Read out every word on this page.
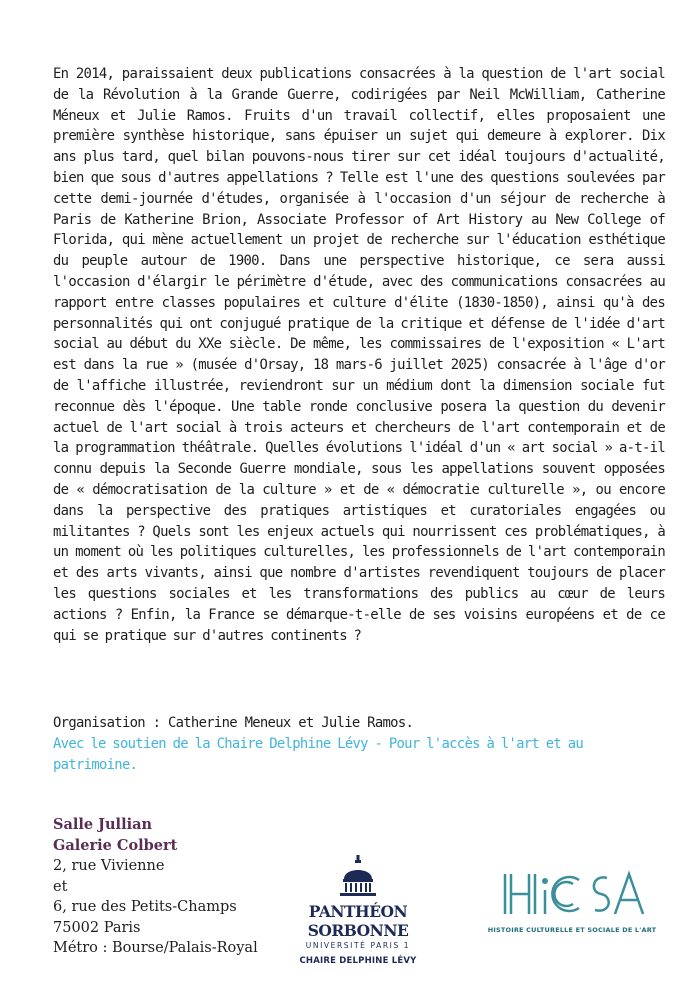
En 2014, paraissaient deux publications consacrées à la question de l'art social de la Révolution à la Grande Guerre, codirigées par Neil McWilliam, Catherine Méneux et Julie Ramos. Fruits d'un travail collectif, elles proposaient une première synthèse historique, sans épuiser un sujet qui demeure à explorer. Dix ans plus tard, quel bilan pouvons-nous tirer sur cet idéal toujours d'actualité, bien que sous d'autres appellations ? Telle est l'une des questions soulevées par cette demi-journée d'études, organisée à l'occasion d'un séjour de recherche à Paris de Katherine Brion, Associate Professor of Art History au New College of Florida, qui mène actuellement un projet de recherche sur l'éducation esthétique du peuple autour de 1900. Dans une perspective historique, ce sera aussi l'occasion d'élargir le périmètre d'étude, avec des communications consacrées au rapport entre classes populaires et culture d'élite (1830-1850), ainsi qu'à des personnalités qui ont conjugué pratique de la critique et défense de l'idée d'art social au début du XXe siècle. De même, les commissaires de l'exposition « L'art est dans la rue » (musée d'Orsay, 18 mars-6 juillet 2025) consacrée à l'âge d'or de l'affiche illustrée, reviendront sur un médium dont la dimension sociale fut reconnue dès l'époque. Une table ronde conclusive posera la question du devenir actuel de l'art social à trois acteurs et chercheurs de l'art contemporain et de la programmation théâtrale. Quelles évolutions l'idéal d'un « art social » a-t-il connu depuis la Seconde Guerre mondiale, sous les appellations souvent opposées de « démocratisation de la culture » et de « démocratie culturelle », ou encore dans la perspective des pratiques artistiques et curatoriales engagées ou militantes ? Quels sont les enjeux actuels qui nourrissent ces problématiques, à un moment où les politiques culturelles, les professionnels de l'art contemporain et des arts vivants, ainsi que nombre d'artistes revendiquent toujours de placer les questions sociales et les transformations des publics au cœur de leurs actions ? Enfin, la France se démarque-t-elle de ses voisins européens et de ce qui se pratique sur d'autres continents ?

Organisation : Catherine Meneux et Julie Ramos.

Avec le soutien de la Chaire Delphine Lévy - Pour l'accès à l'art et au patrimoine.

Salle Jullian
Galerie Colbert
2, rue Vivienne
et
6, rue des Petits-Champs
75002 Paris
Métro : Bourse/Palais-Royal
PANTHÉON SORBONNE
UNIVERSITÉ PARIS 1
CHAIRE DELPHINE LÉVY
HISTOIRE CULTURELLE ET SOCIALE DE L'ART
